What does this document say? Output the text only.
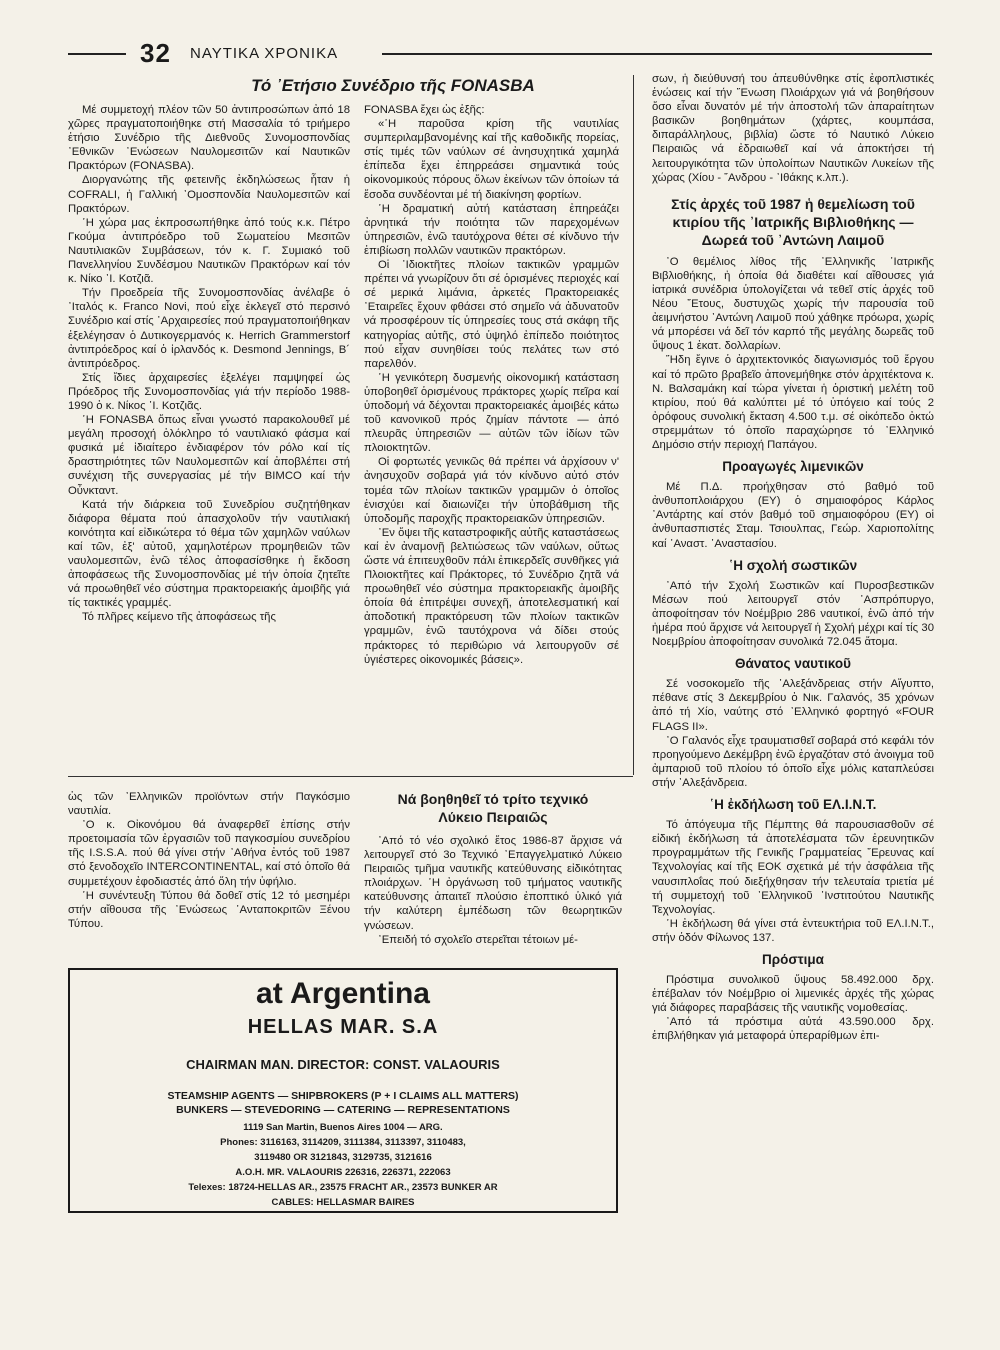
32 ΝΑΥΤΙΚΑ ΧΡΟΝΙΚΑ
Τό ᾽Ετήσιο Συνέδριο τῆς FONASBA

Μέ συμμετοχή πλέον τῶν 50 ἀντιπροσώπων ἀπό 18 χῶρες πραγματοποιήθηκε στή Μασσαλία τό τριήμερο ἐτήσιο Συνέδριο τῆς Διεθνοῦς Συνομοσπονδίας ᾽Εθνικῶν ᾽Ενώσεων Ναυλομεσιτῶν καί Ναυτικῶν Πρακτόρων (FONASBA).

Διοργανώτης τῆς φετεινῆς ἐκδηλώσεως ἦταν ἡ COFRALI, ἡ Γαλλική ᾽Ομοσπονδία Ναυλομεσιτῶν καί Πρακτόρων.

῾Η χώρα μας ἐκπροσωπήθηκε ἀπό τούς κ.κ. Πέτρο Γκούμα ἀντιπρόεδρο τοῦ Σωματείου Μεσιτῶν Ναυτιλιακῶν Συμβάσεων, τόν κ. Γ. Συμιακό τοῦ Πανελληνίου Συνδέσμου Ναυτικῶν Πρακτόρων καί τόν κ. Νίκο ᾽Ι. Κοτζιᾶ.

Τήν Προεδρεία τῆς Συνομοσπονδίας ἀνέλαβε ὁ ᾽Ιταλός κ. Franco Novi, πού εἶχε ἐκλεγεῖ στό περσινό Συνέδριο καί στίς ᾽Αρχαιρεσίες πού πραγματοποιήθηκαν ἐξελέγησαν ὁ Δυτικογερμανός κ. Herrich Grammerstorf ἀντιπρόεδρος καί ὁ ἰρλανδός κ. Desmond Jennings, Β´ ἀντιπρόεδρος.

Στίς ἴδιες ἀρχαιρεσίες ἐξελέγει παμψηφεί ὡς Πρόεδρος τῆς Συνομοσπονδίας γιά τήν περίοδο 1988-1990 ὁ κ. Νίκος ᾽Ι. Κοτζιᾶς.

῾Η FONASBA ὅπως εἶναι γνωστό παρακολουθεῖ μέ μεγάλη προσοχή ὁλόκληρο τό ναυτιλιακό φάσμα καί φυσικά μέ ἰδιαίτερο ἐνδιαφέρον τόν ρόλο καί τίς δραστηριότητες τῶν Ναυλομεσιτῶν καί ἀποβλέπει στή συνέχιση τῆς συνεργασίας μέ τήν BIMCO καί τήν Οὖνκταντ.

Κατά τήν διάρκεια τοῦ Συνεδρίου συζητήθηκαν διάφορα θέματα πού ἀπασχολοῦν τήν ναυτιλιακή κοινότητα καί εἰδικώτερα τό θέμα τῶν χαμηλῶν ναύλων καί τῶν, ἐξ' αὐτοῦ, χαμηλοτέρων προμηθειῶν τῶν ναυλομεσιτῶν, ἐνῶ τέλος ἀποφασίσθηκε ἡ ἔκδοση ἀποφάσεως τῆς Συνομοσπονδίας μέ τήν ὁποία ζητεῖτε νά προωθηθεῖ νέο σύστημα πρακτορειακής ἀμοιβῆς γιά τίς τακτικές γραμμές.

Τό πλῆρες κείμενο τῆς ἀποφάσεως τῆς

FONASBA ἔχει ὡς ἑξῆς:

«῾Η παροῦσα κρίση τῆς ναυτιλίας συμπεριλαμβανομένης καί τῆς καθοδικῆς πορείας, στίς τιμές τῶν ναύλων σέ ἀνησυχητικά χαμηλά ἐπίπεδα ἔχει ἐπηρρεάσει σημαντικά τούς οἰκονομικούς πόρους ὅλων ἐκείνων τῶν ὁποίων τά ἔσοδα συνδέονται μέ τή διακίνηση φορτίων.

῾Η δραματική αὐτή κατάσταση ἐπηρεάζει ἀρνητικά τήν ποιότητα τῶν παρεχομένων ὑπηρεσιῶν, ἐνῶ ταυτόχρονα θέτει σέ κίνδυνο τήν ἐπιβίωση πολλῶν ναυτικῶν πρακτόρων.

Οἱ ᾽Ιδιοκτῆτες πλοίων τακτικῶν γραμμῶν πρέπει νά γνωρίζουν ὅτι σέ ὁρισμένες περιοχές καί σέ μερικά λιμάνια, ἀρκετές Πρακτορειακές ᾽Εταιρεῖες ἔχουν φθάσει στό σημεῖο νά ἀδυνατοῦν νά προσφέρουν τίς ὑπηρεσίες τους στά σκάφη τῆς κατηγορίας αὐτῆς, στό ὑψηλό ἐπίπεδο ποιότητος πού εἶχαν συνηθίσει τούς πελάτες των στό παρελθόν.

῾Η γενικότερη δυσμενής οἰκονομική κατάσταση ὑποβοηθεῖ ὁρισμένους πράκτορες χωρίς πεῖρα καί ὑποδομή νά δέχονται πρακτορειακές ἀμοιβές κάτω τοῦ κανονικοῦ πρός ζημίαν πάντοτε — ἀπό πλευρᾶς ὑπηρεσιῶν — αὐτῶν τῶν ἰδίων τῶν πλοιοκτητῶν.

Οἱ φορτωτές γενικῶς θά πρέπει νά ἀρχίσουν ν' ἀνησυχοῦν σοβαρά γιά τόν κίνδυνο αὐτό στόν τομέα τῶν πλοίων τακτικῶν γραμμῶν ὁ ὁποῖος ἐνισχύει καί διαιωνίζει τήν ὑποβάθμιση τῆς ὑποδομῆς παροχῆς πρακτορειακῶν ὑπηρεσιῶν.

᾽Εν ὄψει τῆς καταστροφικῆς αὐτῆς καταστάσεως καί ἐν ἀναμονῇ βελτιώσεως τῶν ναύλων, οὕτως ὥστε νά ἐπιτευχθοῦν πάλι ἐπικερδεῖς συνθῆκες γιά Πλοιοκτῆτες καί Πράκτορες, τό Συνέδριο ζητᾶ νά προωθηθεῖ νέο σύστημα πρακτορειακῆς ἀμοιβῆς ὁποία θά ἐπιτρέψει συνεχῆ, ἀποτελεσματική καί ἀποδοτική πρακτόρευση τῶν πλοίων τακτικῶν γραμμῶν, ἐνῶ ταυτόχρονα νά δίδει στούς πράκτορες τό περιθώριο νά λειτουργοῦν σέ ὑγιέστερες οἰκονομικές βάσεις».

σων, ἡ διεύθυνσή του ἀπευθύνθηκε στίς ἐφοπλιστικές ἑνώσεις καί τήν ῞Ενωση Πλοιάρχων γιά νά βοηθήσουν ὅσο εἶναι δυνατόν μέ τήν ἀποστολή τῶν ἀπαραίτητων βασικῶν βοηθημάτων (χάρτες, κουμπάσα, διπαράλληλους, βιβλία) ὥστε τό Ναυτικό Λύκειο Πειραιῶς νά ἐδραιωθεῖ καί νά ἀποκτήσει τή λειτουργικότητα τῶν ὑπολοίπων Ναυτικῶν Λυκείων τῆς χώρας (Χίου - ῎Ανδρου - ᾽Ιθάκης κ.λπ.).

Στίς ἀρχές τοῦ 1987 ἡ θεμελίωση τοῦ κτιρίου τῆς ᾽Ιατρικῆς Βιβλιοθήκης — Δωρεά τοῦ ᾽Αντώνη Λαιμοῦ

᾽Ο θεμέλιος λίθος τῆς ᾽Ελληνικῆς ᾽Ιατρικῆς Βιβλιοθήκης, ἡ ὁποία θά διαθέτει καί αἴθουσες γιά ἰατρικά συνέδρια ὑπολογίζεται νά τεθεῖ στίς ἀρχές τοῦ Νέου ῎Ετους, δυστυχῶς χωρίς τήν παρουσία τοῦ ἀειμνήστου ᾽Αντώνη Λαιμοῦ πού χάθηκε πρόωρα, χωρίς νά μπορέσει νά δεῖ τόν καρπό τῆς μεγάλης δωρεᾶς τοῦ ὕψους 1 ἑκατ. δολλαρίων.

῎Ηδη ἔγινε ὁ ἀρχιτεκτονικός διαγωνισμός τοῦ ἔργου καί τό πρῶτο βραβεῖο ἀπονεμήθηκε στόν ἀρχιτέκτονα κ. Ν. Βαλσαμάκη καί τώρα γίνεται ἡ ὁριστική μελέτη τοῦ κτιρίου, πού θά καλύπτει μέ τό ὑπόγειο καί τούς 2 ὀρόφους συνολική ἔκταση 4.500 τ.μ. σέ οἰκόπεδο ὀκτώ στρεμμάτων τό ὁποῖο παραχώρησε τό ᾽Ελληνικό Δημόσιο στήν περιοχή Παπάγου.

Προαγωγές λιμενικῶν

Μέ Π.Δ. προήχθησαν στό βαθμό τοῦ ἀνθυποπλοιάρχου (ΕΥ) ὁ σημαιοφόρος Κάρλος ᾽Αντάρτης καί στόν βαθμό τοῦ σημαιοφόρου (ΕΥ) οἱ ἀνθυπασπιστές Σταμ. Τσιουλπας, Γεώρ. Χαριοπολίτης καί ᾽Αναστ. ᾽Αναστασίου.

῾Η σχολή σωστικῶν

᾽Από τήν Σχολή Σωστικῶν καί Πυροσβεστικῶν Μέσων πού λειτουργεῖ στόν ᾽Ασπρόπυργο, ἀποφοίτησαν τόν Νοέμβριο 286 ναυτικοί, ἐνῶ ἀπό τήν ἡμέρα πού ἄρχισε νά λειτουργεῖ ἡ Σχολή μέχρι καί τίς 30 Νοεμβρίου ἀποφοίτησαν συνολικά 72.045 ἄτομα.

Θάνατος ναυτικοῦ

Σέ νοσοκομεῖο τῆς ᾽Αλεξάνδρειας στήν Αἴγυπτο, πέθανε στίς 3 Δεκεμβρίου ὁ Νικ. Γαλανός, 35 χρόνων ἀπό τή Χίο, ναύτης στό ᾽Ελληνικό φορτηγό «FOUR FLAGS II».

᾽Ο Γαλανός εἶχε τραυματισθεῖ σοβαρά στό κεφάλι τόν προηγούμενο Δεκέμβρη ἐνῶ ἐργαζόταν στό ἀνοιγμα τοῦ ἀμπαριοῦ τοῦ πλοίου τό ὁποῖο εἶχε μόλις καταπλεύσει στήν ᾽Αλεξάνδρεια.

῾Η ἐκδήλωση τοῦ ΕΛ.Ι.Ν.Τ.

Τό ἀπόγευμα τῆς Πέμπτης θά παρουσιασθοῦν σέ εἰδική ἐκδήλωση τά ἀποτελέσματα τῶν ἐρευνητικῶν προγραμμάτων τῆς Γενικῆς Γραμματείας ῎Ερευνας καί Τεχνολογίας καί τῆς ΕΟΚ σχετικά μέ τήν ἀσφάλεια τῆς ναυσιπλοΐας πού διεξήχθησαν τήν τελευταία τριετία μέ τή συμμετοχή τοῦ ᾽Ελληνικοῦ ᾽Ινστιτούτου Ναυτικῆς Τεχνολογίας.

῾Η ἐκδήλωση θά γίνει στά ἐντευκτήρια τοῦ ΕΛ.Ι.Ν.Τ., στήν ὁδόν Φίλωνος 137.

Πρόστιμα

Πρόστιμα συνολικοῦ ὕψους 58.492.000 δρχ. ἐπέβαλαν τόν Νοέμβριο οἱ λιμενικές ἀρχές τῆς χώρας γιά διάφορες παραβάσεις τῆς ναυτικῆς νομοθεσίας.

᾽Από τά πρόστιμα αὐτά 43.590.000 δρχ. ἐπιβλήθηκαν γιά μεταφορά ὑπεραρίθμων ἐπι-

ὡς τῶν ᾽Ελληνικῶν προϊόντων στήν Παγκόσμιο ναυτιλία.

᾽Ο κ. Οἰκονόμου θά ἀναφερθεῖ ἐπίσης στήν προετοιμασία τῶν ἐργασιῶν τοῦ παγκοσμίου συνεδρίου τῆς I.S.S.A. πού θά γίνει στήν ᾽Αθήνα ἐντός τοῦ 1987 στό ξενοδοχεῖο INTERCONTINENTAL, καί στό ὁποῖο θά συμμετέχουν ἐφοδιαστές ἀπό ὅλη τήν ὑφήλιο.

῾Η συνέντευξη Τύπου θά δοθεῖ στίς 12 τό μεσημέρι στήν αἴθουσα τῆς ᾽Ενώσεως ᾽Ανταποκριτῶν Ξένου Τύπου.

Νά βοηθηθεῖ τό τρίτο τεχνικό Λύκειο Πειραιῶς

᾽Από τό νέο σχολικό ἔτος 1986-87 ἄρχισε νά λειτουργεῖ στό 3ο Τεχνικό ᾽Επαγγελματικό Λύκειο Πειραιῶς τμῆμα ναυτικῆς κατεύθυνσης εἰδικότητας πλοιάρχων. ῾Η ὀργάνωση τοῦ τμήματος ναυτικῆς κατεύθυνσης ἀπαιτεῖ πλούσιο ἐποπτικό ὑλικό γιά τήν καλύτερη ἐμπέδωση τῶν θεωρητικῶν γνώσεων.

᾽Επειδή τό σχολεῖο στερεῖται τέτοιων μέ-

at Argentina
HELLAS MAR. S.A
CHAIRMAN MAN. DIRECTOR: CONST. VALAOURIS
STEAMSHIP AGENTS — SHIPBROKERS (P + I CLAIMS ALL MATTERS)
BUNKERS — STEVEDORING — CATERING — REPRESENTATIONS
1119 San Martin, Buenos Aires 1004 — ARG.
Phones: 3116163, 3114209, 3111384, 3113397, 3110483,
3119480 OR 3121843, 3129735, 3121616
A.O.H. MR. VALAOURIS 226316, 226371, 222063
Telexes: 18724-HELLAS AR., 23575 FRACHT AR., 23573 BUNKER AR
CABLES: HELLASMAR BAIRES
